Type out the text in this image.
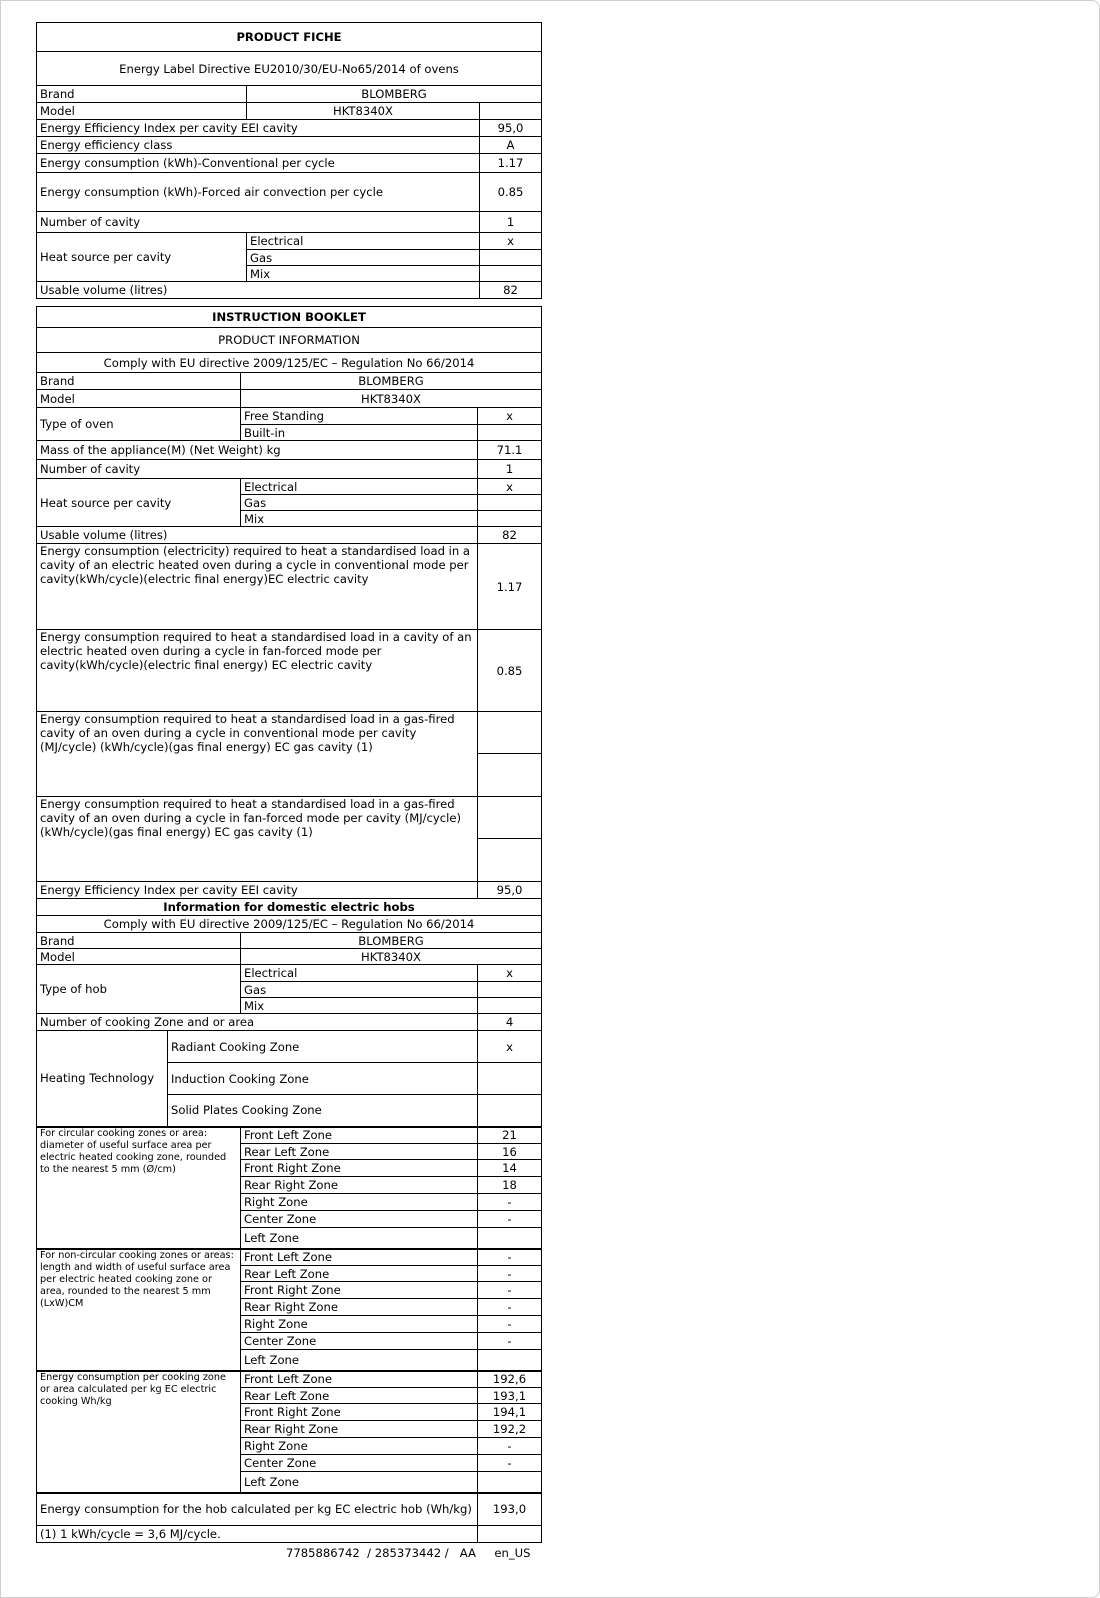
PRODUCT FICHE		
Energy Label Directive EU2010/30/EU-No65/2014 of ovens		
Brand	BLOMBERG	
Model	HKT8340X	
Energy Efficiency Index per cavity EEI cavity		95,0
Energy efficiency class		A
Energy consumption (kWh)-Conventional per cycle		1.17
Energy consumption (kWh)-Forced air convection per cycle		0.85
Number of cavity		1
Heat source per cavity	Electrical	x
	Gas	
	Mix	
Usable volume (litres)		82
INSTRUCTION BOOKLET			
PRODUCT INFORMATION			
Comply with EU directive 2009/125/EC – Regulation No 66/2014			
Brand		BLOMBERG	
Model		HKT8340X	
Type of oven		Free Standing	x
		Built-in	
Mass of the appliance(M) (Net Weight) kg			71.1
Number of cavity			1
Heat source per cavity		Electrical	x
		Gas	
		Mix	
Usable volume (litres)			82
Energy consumption (electricity) required to heat a standardised load in a cavity of an electric heated oven during a cycle in conventional mode per cavity(kWh/cycle)(electric final energy)EC electric cavity			1.17
Energy consumption required to heat a standardised load in a cavity of an electric heated oven during a cycle in fan-forced mode per cavity(kWh/cycle)(electric final energy) EC electric cavity			0.85
Energy consumption required to heat a standardised load in a gas-fired cavity of an oven during a cycle in conventional mode per cavity (MJ/cycle) (kWh/cycle)(gas final energy) EC gas cavity (1)			

Energy consumption required to heat a standardised load in a gas-fired cavity of an oven during a cycle in fan-forced mode per cavity (MJ/cycle) (kWh/cycle)(gas final energy) EC gas cavity (1)			

Energy Efficiency Index per cavity EEI cavity			95,0
Information for domestic electric hobs			
Comply with EU directive 2009/125/EC – Regulation No 66/2014			
Brand		BLOMBERG	
Model		HKT8340X	
Type of hob		Electrical	x
		Gas	
		Mix	
Number of cooking Zone and or area			4
Heating Technology	Radiant Cooking Zone		x
	Induction Cooking Zone		
	Solid Plates Cooking Zone		
For circular cooking zones or area: diameter of useful surface area per electric heated cooking zone, rounded to the nearest 5 mm (Ø/cm)		Front Left Zone	21
		Rear Left Zone	16
		Front Right Zone	14
		Rear Right Zone	18
		Right Zone	-
		Center Zone	-
		Left Zone	
For non-circular cooking zones or areas: length and width of useful surface area per electric heated cooking zone or area, rounded to the nearest 5 mm (LxW)CM		Front Left Zone	-
		Rear Left Zone	-
		Front Right Zone	-
		Rear Right Zone	-
		Right Zone	-
		Center Zone	-
		Left Zone	
Energy consumption per cooking zone or area calculated per kg EC electric cooking Wh/kg		Front Left Zone	192,6
		Rear Left Zone	193,1
		Front Right Zone	194,1
		Rear Right Zone	192,2
		Right Zone	-
		Center Zone	-
		Left Zone	
Energy consumption for the hob calculated per kg EC electric hob (Wh/kg)			193,0
(1) 1 kWh/cycle = 3,6 MJ/cycle.			
7785886742  / 285373442 /   AA     en_US
